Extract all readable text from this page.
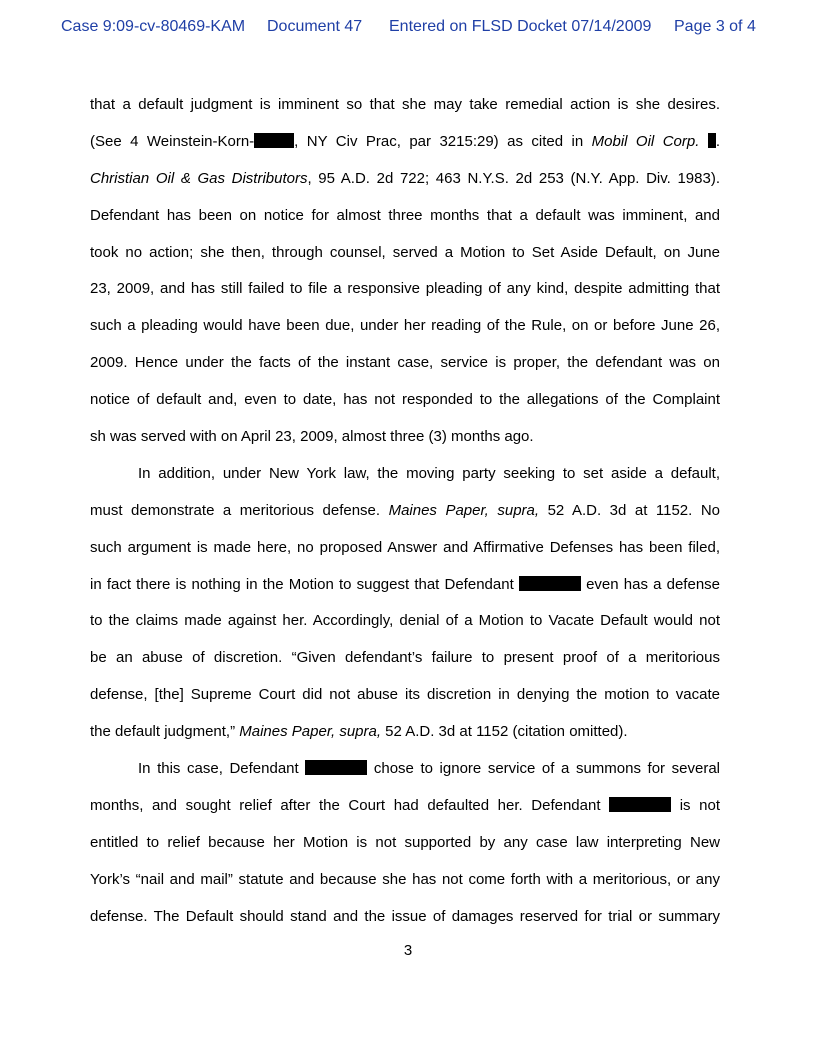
Case 9:09-cv-80469-KAM Document 47 Entered on FLSD Docket 07/14/2009 Page 3 of 4
that a default judgment is imminent so that she may take remedial action is she desires.
(See 4 Weinstein-Korn-	, NY Civ Prac, par 3215:29) as cited in Mobil Oil Corp. .
Christian Oil & Gas Distributors, 95 A.D. 2d 722; 463 N.Y.S. 2d 253 (N.Y. App. Div. 1983).
Defendant has been on notice for almost three months that a default was imminent, and
took no action; she then, through counsel, served a Motion to Set Aside Default, on June
23, 2009, and has still failed to file a responsive pleading of any kind, despite admitting that
such a pleading would have been due, under her reading of the Rule, on or before June 26,
2009. Hence under the facts of the instant case, service is proper, the defendant was on
notice of default and, even to date, has not responded to the allegations of the Complaint
sh was served with on April 23, 2009, almost three (3) months ago.
In addition, under New York law, the moving party seeking to set aside a default,
must demonstrate a meritorious defense. Maines Paper, supra, 52 A.D. 3d at 1152. No
such argument is made here, no proposed Answer and Affirmative Defenses has been filed,
in fact there is nothing in the Motion to suggest that Defendant	even has a defense
to the claims made against her. Accordingly, denial of a Motion to Vacate Default would not
be an abuse of discretion. “Given defendant’s failure to present proof of a meritorious
defense, [the] Supreme Court did not abuse its discretion in denying the motion to vacate
the default judgment,” Maines Paper, supra, 52 A.D. 3d at 1152 (citation omitted).
In this case, Defendant	chose to ignore service of a summons for several
months, and sought relief after the Court had defaulted her. Defendant	is not
entitled to relief because her Motion is not supported by any case law interpreting New
York’s “nail and mail” statute and because she has not come forth with a meritorious, or any
defense. The Default should stand and the issue of damages reserved for trial or summary
3
